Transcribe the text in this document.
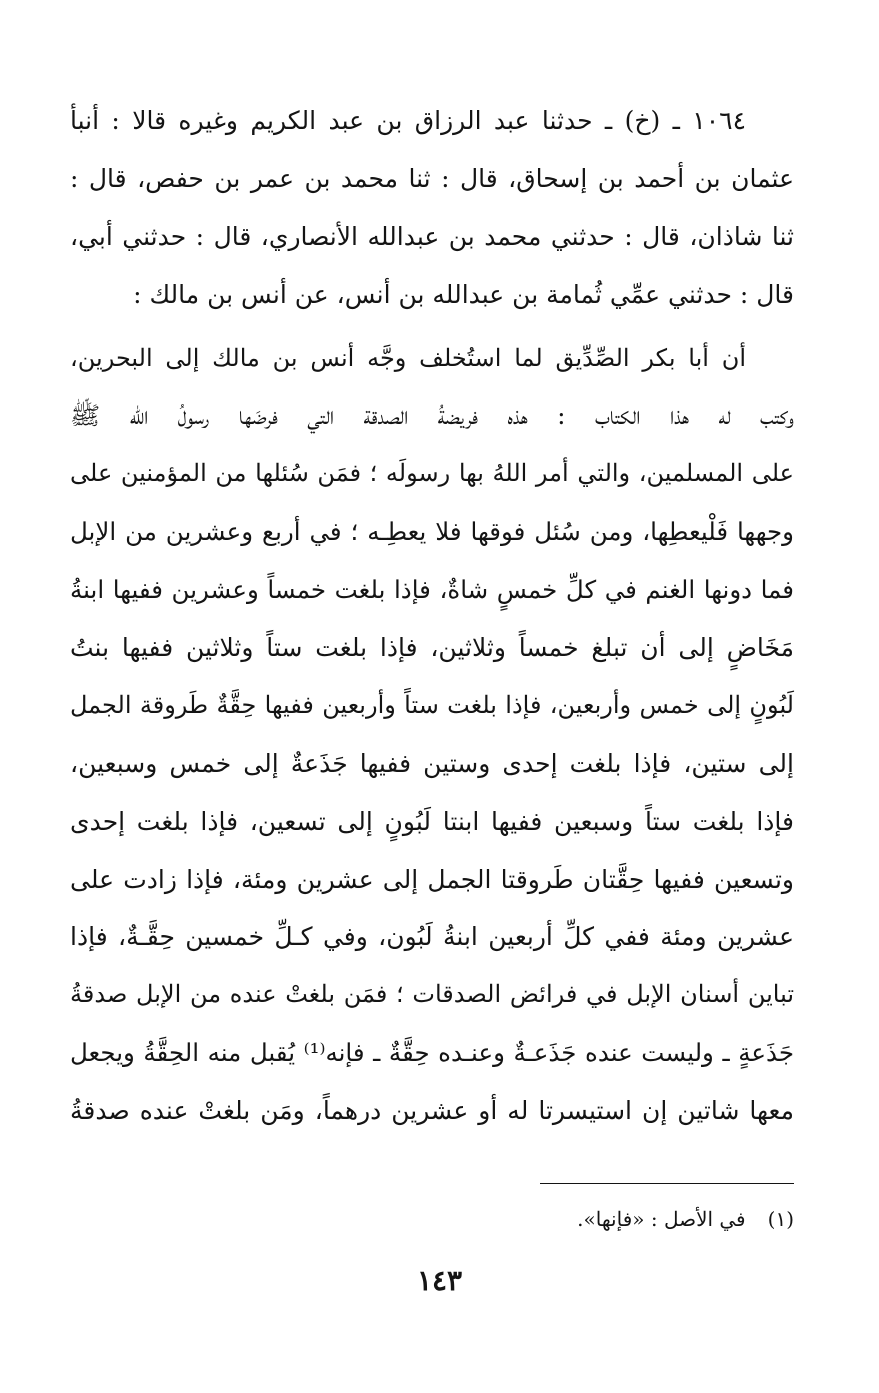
١٠٦٤ ـ (خ) ـ حدثنا عبد الرزاق بن عبد الكريم وغيره قالا : أنبأ
عثمان بن أحمد بن إسحاق، قال : ثنا محمد بن عمر بن حفص، قال :
ثنا شاذان، قال : حدثني محمد بن عبدالله الأنصاري، قال : حدثني أبي،
قال : حدثني عمِّي ثُمامة بن عبدالله بن أنس، عن أنس بن مالك :
أن أبا بكر الصِّدِّيق لما استُخلف وجَّه أنس بن مالك إلى البحرين،
وكتب له هذا الكتاب : هذه فريضةُ الصدقة التي فرضَها رسولُ الله ﷺ
على المسلمين، والتي أمر اللهُ بها رسولَه ؛ فمَن سُئلها من المؤمنين على
وجهها فَلْيعطِها، ومن سُئل فوقها فلا يعطِـه ؛ في أربع وعشرين من الإبل
فما دونها الغنم في كلِّ خمسٍ شاةٌ، فإذا بلغت خمساً وعشرين ففيها ابنةُ
مَخَاضٍ إلى أن تبلغ خمساً وثلاثين، فإذا بلغت ستاً وثلاثين ففيها بنتُ
لَبُونٍ إلى خمس وأربعين، فإذا بلغت ستاً وأربعين ففيها حِقَّةٌ طَروقة الجمل
إلى ستين، فإذا بلغت إحدى وستين ففيها جَذَعةٌ إلى خمس وسبعين،
فإذا بلغت ستاً وسبعين ففيها ابنتا لَبُونٍ إلى تسعين، فإذا بلغت إحدى
وتسعين ففيها حِقَّتان طَروقتا الجمل إلى عشرين ومئة، فإذا زادت على
عشرين ومئة ففي كلِّ أربعين ابنةُ لَبُون، وفي كـلِّ خمسين حِقَّـةٌ، فإذا
تباين أسنان الإبل في فرائض الصدقات ؛ فمَن بلغتْ عنده من الإبل صدقةُ
جَذَعةٍ ـ وليست عنده جَذَعـةٌ وعنـده حِقَّةٌ ـ فإنه⁽¹⁾ يُقبل منه الحِقَّةُ ويجعل
معها شاتين إن استيسرتا له أو عشرين درهماً، ومَن بلغتْ عنده صدقةُ
(١)في الأصل : «فإنها».
١٤٣
